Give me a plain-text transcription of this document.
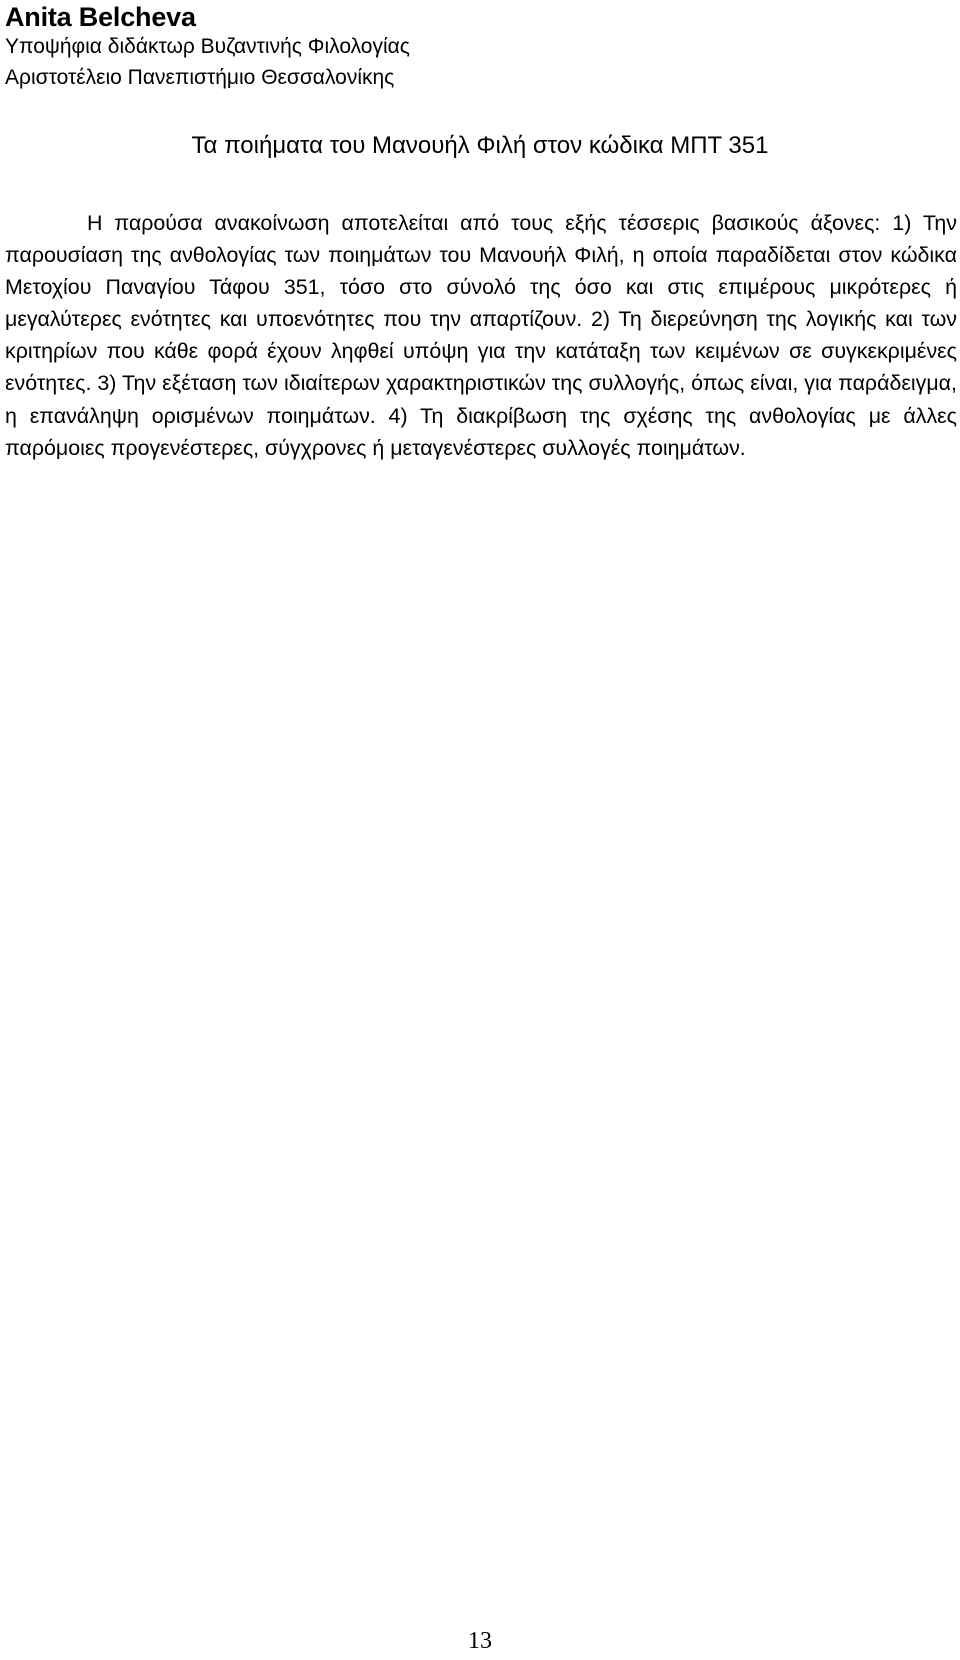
Anita Belcheva
Υποψήφια διδάκτωρ Βυζαντινής Φιλολογίας
Αριστοτέλειο Πανεπιστήμιο Θεσσαλονίκης
Τα ποιήματα του Μανουήλ Φιλή στον κώδικα ΜΠΤ 351

Η παρούσα ανακοίνωση αποτελείται από τους εξής τέσσερις βασικούς άξονες: 1) Την παρουσίαση της ανθολογίας των ποιημάτων του Μανουήλ Φιλή, η οποία παραδίδεται στον κώδικα Μετοχίου Παναγίου Τάφου 351, τόσο στο σύνολό της όσο και στις επιμέρους μικρότερες ή μεγαλύτερες ενότητες και υποενότητες που την απαρτίζουν. 2) Τη διερεύνηση της λογικής και των κριτηρίων που κάθε φορά έχουν ληφθεί υπόψη για την κατάταξη των κειμένων σε συγκεκριμένες ενότητες. 3) Την εξέταση των ιδιαίτερων χαρακτηριστικών της συλλογής, όπως είναι, για παράδειγμα, η επανάληψη ορισμένων ποιημάτων. 4) Τη διακρίβωση της σχέσης της ανθολογίας με άλλες παρόμοιες προγενέστερες, σύγχρονες ή μεταγενέστερες συλλογές ποιημάτων.

13
